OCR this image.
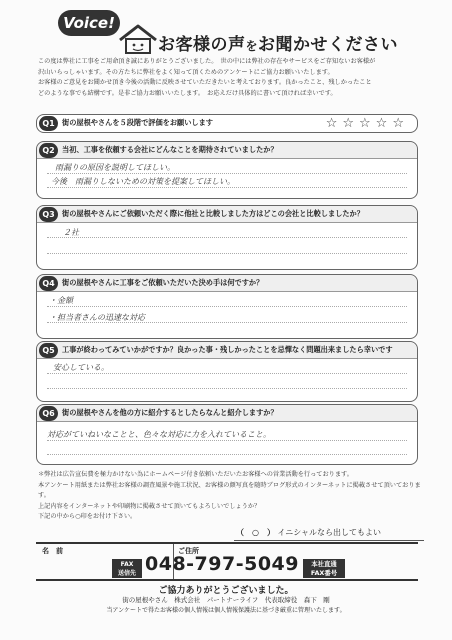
Voice!
お客様の声をお聞かせください
この度は弊社に工事をご用命頂き誠にありがとうございました。　世の中には弊社の存在やサービスをご存知ないお客様が
沢山いらっしゃいます。その方たちに弊社をよく知って頂くためのアンケートにご協力お願いいたします。
お客様のご意見をお聞かせ頂き今後の活動に反映させていただきたいと考えております。良かったこと、残しかったこと
どのような事でも結構です。是非ご協力お願いいたします。　お応えだけ具体的に書いて頂ければ幸いです。
Q1	街の屋根やさんを５段階で評価をお願いします	☆☆☆☆☆
Q2	当初、工事を依頼する会社にどんなことを期待されていましたか？
雨漏りの原因を説明してほしい。
今後　雨漏りしないための対策を提案してほしい。
Q3	街の屋根やさんにご依頼いただく際に他社と比較しました方はどこの会社と比較しましたか？
２社
Q4	街の屋根やさんに工事をご依頼いただいた決め手は何ですか？
・金額
・担当者さんの迅速な対応
Q5	工事が終わってみていかがですか？良かった事・残しかったことを忌憚なく問題出来ましたら幸いです
安心している。
Q6	街の屋根やさんを他の方に紹介するとしたらなんと紹介しますか？
対応がていねいなことと、色々な対応に力を入れていること。
＊弊社は広告宣伝費を極力かけない為にホームページ付き依頼いただいたお客様への営業活動を行っております。
本アンケート用紙または弊社お客様の調査風景や施工状況、お客様の顔写真を随時ブログ形式のインターネットに掲載させて頂いております。
上記内容をインターネットや印刷物に掲載させて頂いてもよろしいでしょうか？
下記の中から○印をお付け下さい。
（　○　） イニシャルなら出してもよい
名　前	ご住所
FAX
送信先 048-797-5049	本社直通
FAX番号
ご協力ありがとうございました。
街の屋根やさん　株式会社　パートナーライフ　代表取締役　森下　剛
当アンケートで得たお客様の個人情報は個人情報保護法に基づき厳重に管理いたします。
